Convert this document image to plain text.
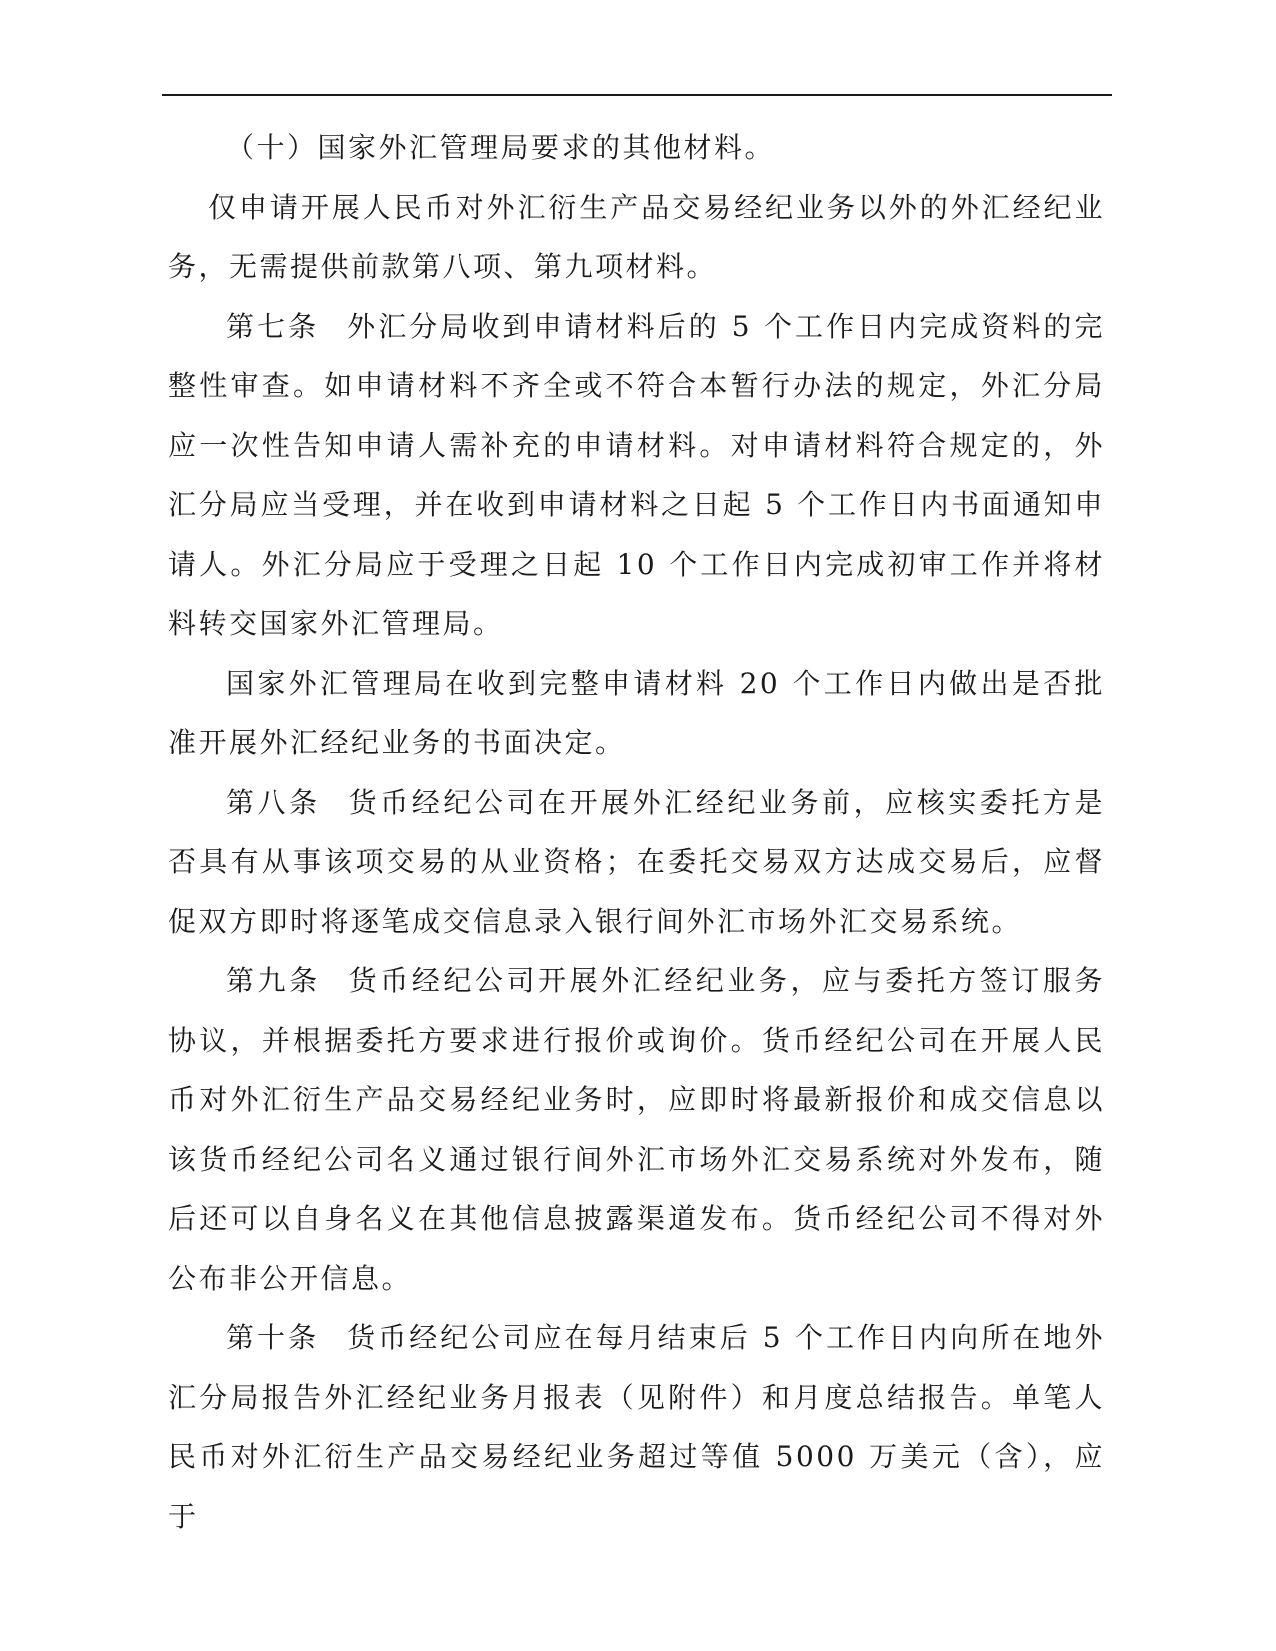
（十）国家外汇管理局要求的其他材料。

仅申请开展人民币对外汇衍生产品交易经纪业务以外的外汇经纪业务，无需提供前款第八项、第九项材料。

第七条 外汇分局收到申请材料后的 5 个工作日内完成资料的完整性审查。如申请材料不齐全或不符合本暂行办法的规定，外汇分局应一次性告知申请人需补充的申请材料。对申请材料符合规定的，外汇分局应当受理，并在收到申请材料之日起 5 个工作日内书面通知申请人。外汇分局应于受理之日起 10 个工作日内完成初审工作并将材料转交国家外汇管理局。

国家外汇管理局在收到完整申请材料 20 个工作日内做出是否批准开展外汇经纪业务的书面决定。

第八条 货币经纪公司在开展外汇经纪业务前，应核实委托方是否具有从事该项交易的从业资格；在委托交易双方达成交易后，应督促双方即时将逐笔成交信息录入银行间外汇市场外汇交易系统。

第九条 货币经纪公司开展外汇经纪业务，应与委托方签订服务协议，并根据委托方要求进行报价或询价。货币经纪公司在开展人民币对外汇衍生产品交易经纪业务时，应即时将最新报价和成交信息以该货币经纪公司名义通过银行间外汇市场外汇交易系统对外发布，随后还可以自身名义在其他信息披露渠道发布。货币经纪公司不得对外公布非公开信息。

第十条 货币经纪公司应在每月结束后 5 个工作日内向所在地外汇分局报告外汇经纪业务月报表（见附件）和月度总结报告。单笔人民币对外汇衍生产品交易经纪业务超过等值 5000 万美元（含），应于
